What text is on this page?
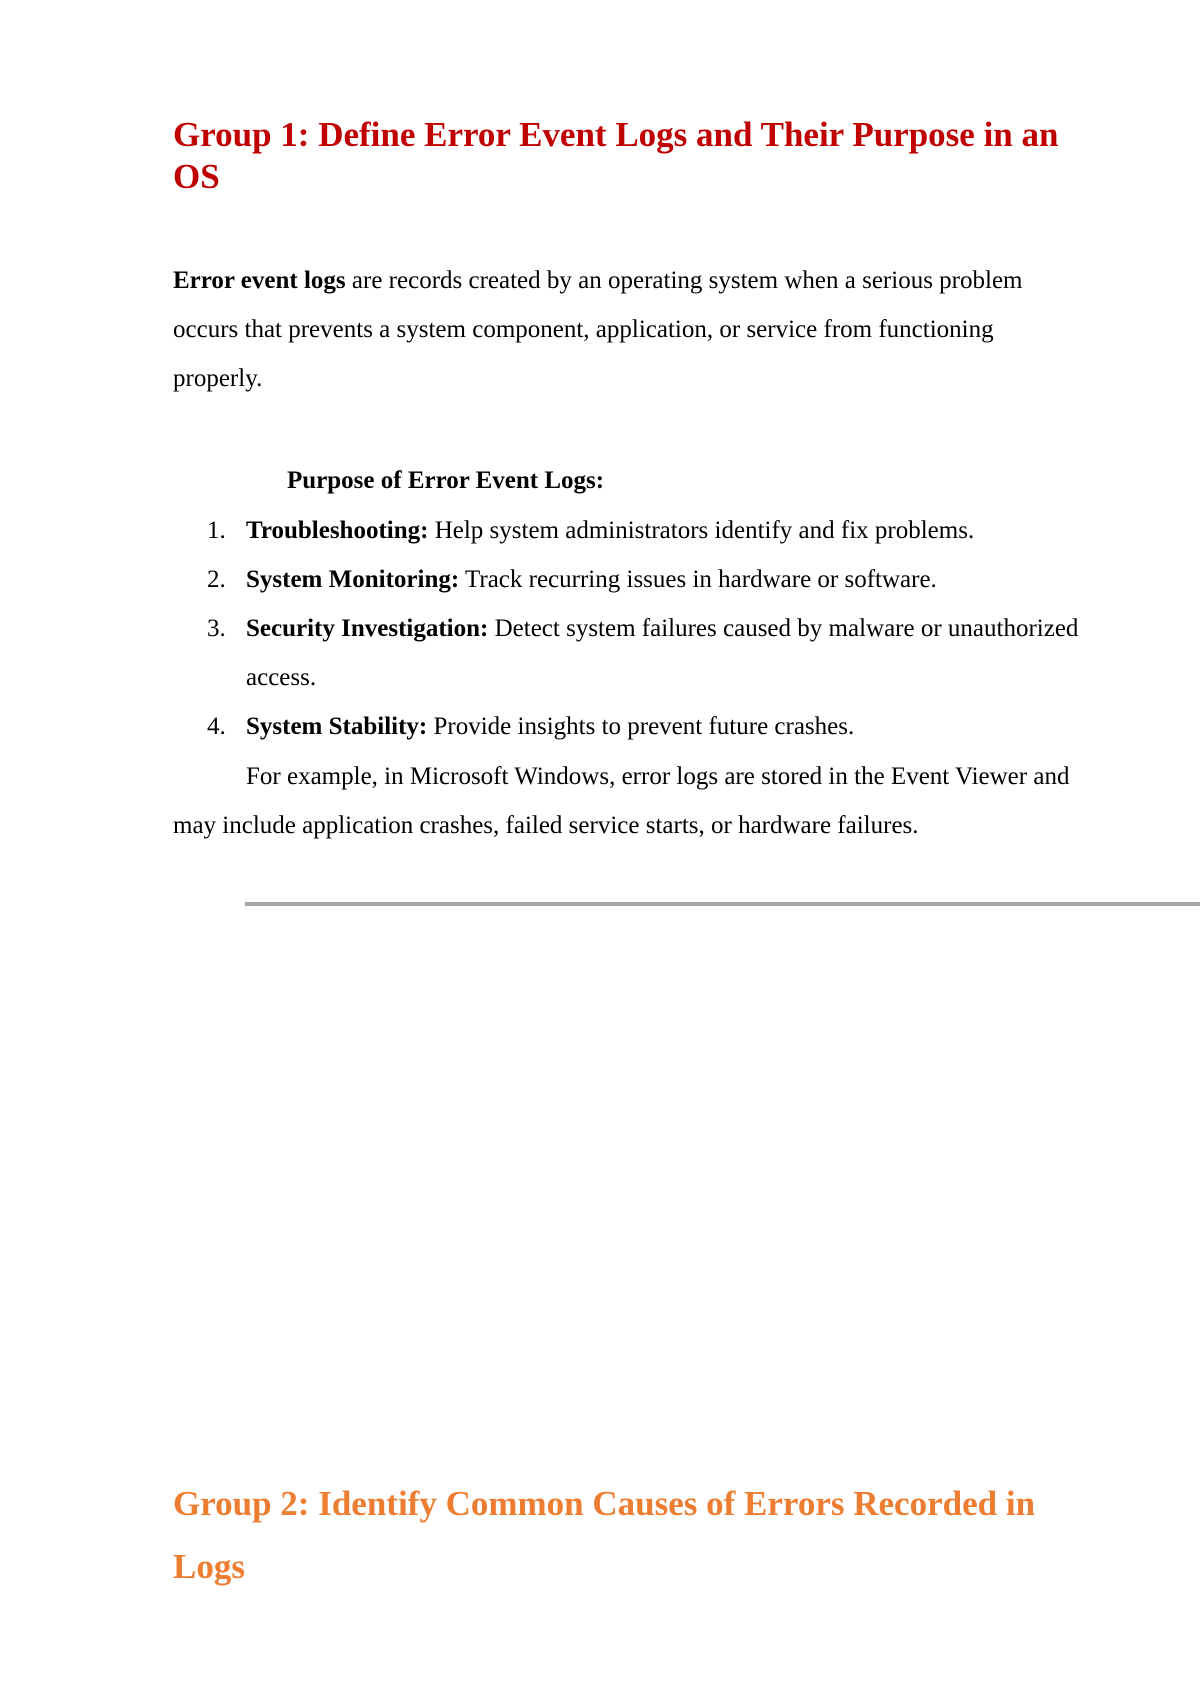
Group 1: Define Error Event Logs and Their Purpose in an OS

Error event logs are records created by an operating system when a serious problem occurs that prevents a system component, application, or service from functioning properly.

Purpose of Error Event Logs:

1. Troubleshooting: Help system administrators identify and fix problems.
2. System Monitoring: Track recurring issues in hardware or software.
3. Security Investigation: Detect system failures caused by malware or unauthorized access.
4. System Stability: Provide insights to prevent future crashes.

For example, in Microsoft Windows, error logs are stored in the Event Viewer and may include application crashes, failed service starts, or hardware failures.

Group 2: Identify Common Causes of Errors Recorded in Logs
